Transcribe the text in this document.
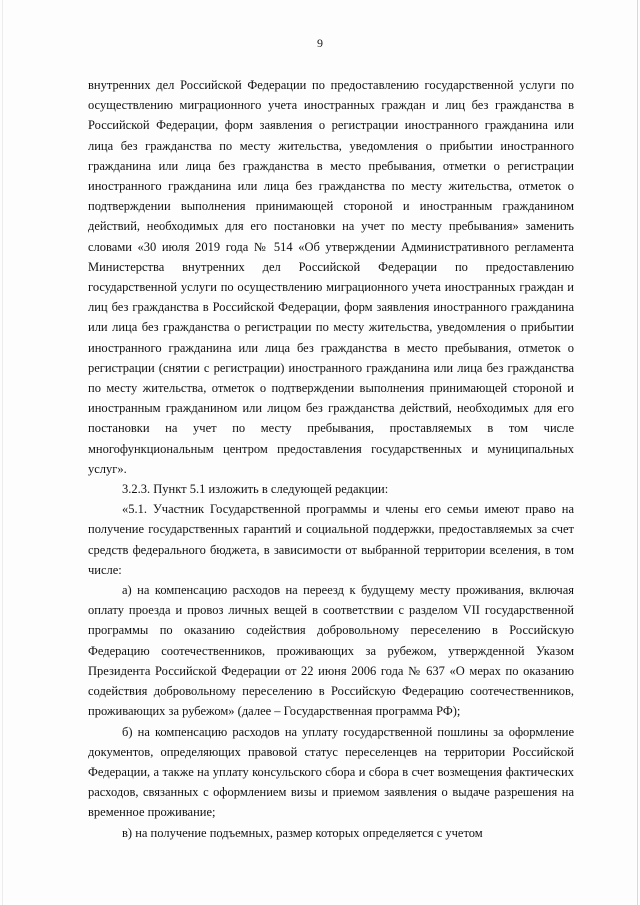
9

внутренних дел Российской Федерации по предоставлению государственной услуги по осуществлению миграционного учета иностранных граждан и лиц без гражданства в Российской Федерации, форм заявления о регистрации иностранного гражданина или лица без гражданства по месту жительства, уведомления о прибытии иностранного гражданина или лица без гражданства в место пребывания, отметки о регистрации иностранного гражданина или лица без гражданства по месту жительства, отметок о подтверждении выполнения принимающей стороной и иностранным гражданином действий, необходимых для его постановки на учет по месту пребывания» заменить словами «30 июля 2019 года № 514 «Об утверждении Административного регламента Министерства внутренних дел Российской Федерации по предоставлению государственной услуги по осуществлению миграционного учета иностранных граждан и лиц без гражданства в Российской Федерации, форм заявления иностранного гражданина или лица без гражданства о регистрации по месту жительства, уведомления о прибытии иностранного гражданина или лица без гражданства в место пребывания, отметок о регистрации (снятии с регистрации) иностранного гражданина или лица без гражданства по месту жительства, отметок о подтверждении выполнения принимающей стороной и иностранным гражданином или лицом без гражданства действий, необходимых для его постановки на учет по месту пребывания, проставляемых в том числе многофункциональным центром предоставления государственных и муниципальных услуг».

3.2.3. Пункт 5.1 изложить в следующей редакции:

«5.1. Участник Государственной программы и члены его семьи имеют право на получение государственных гарантий и социальной поддержки, предоставляемых за счет средств федерального бюджета, в зависимости от выбранной территории вселения, в том числе:

а) на компенсацию расходов на переезд к будущему месту проживания, включая оплату проезда и провоз личных вещей в соответствии с разделом VII государственной программы по оказанию содействия добровольному переселению в Российскую Федерацию соотечественников, проживающих за рубежом, утвержденной Указом Президента Российской Федерации от 22 июня 2006 года № 637 «О мерах по оказанию содействия добровольному переселению в Российскую Федерацию соотечественников, проживающих за рубежом» (далее – Государственная программа РФ);

б) на компенсацию расходов на уплату государственной пошлины за оформление документов, определяющих правовой статус переселенцев на территории Российской Федерации, а также на уплату консульского сбора и сбора в счет возмещения фактических расходов, связанных с оформлением визы и приемом заявления о выдаче разрешения на временное проживание;

в) на получение подъемных, размер которых определяется с учетом
